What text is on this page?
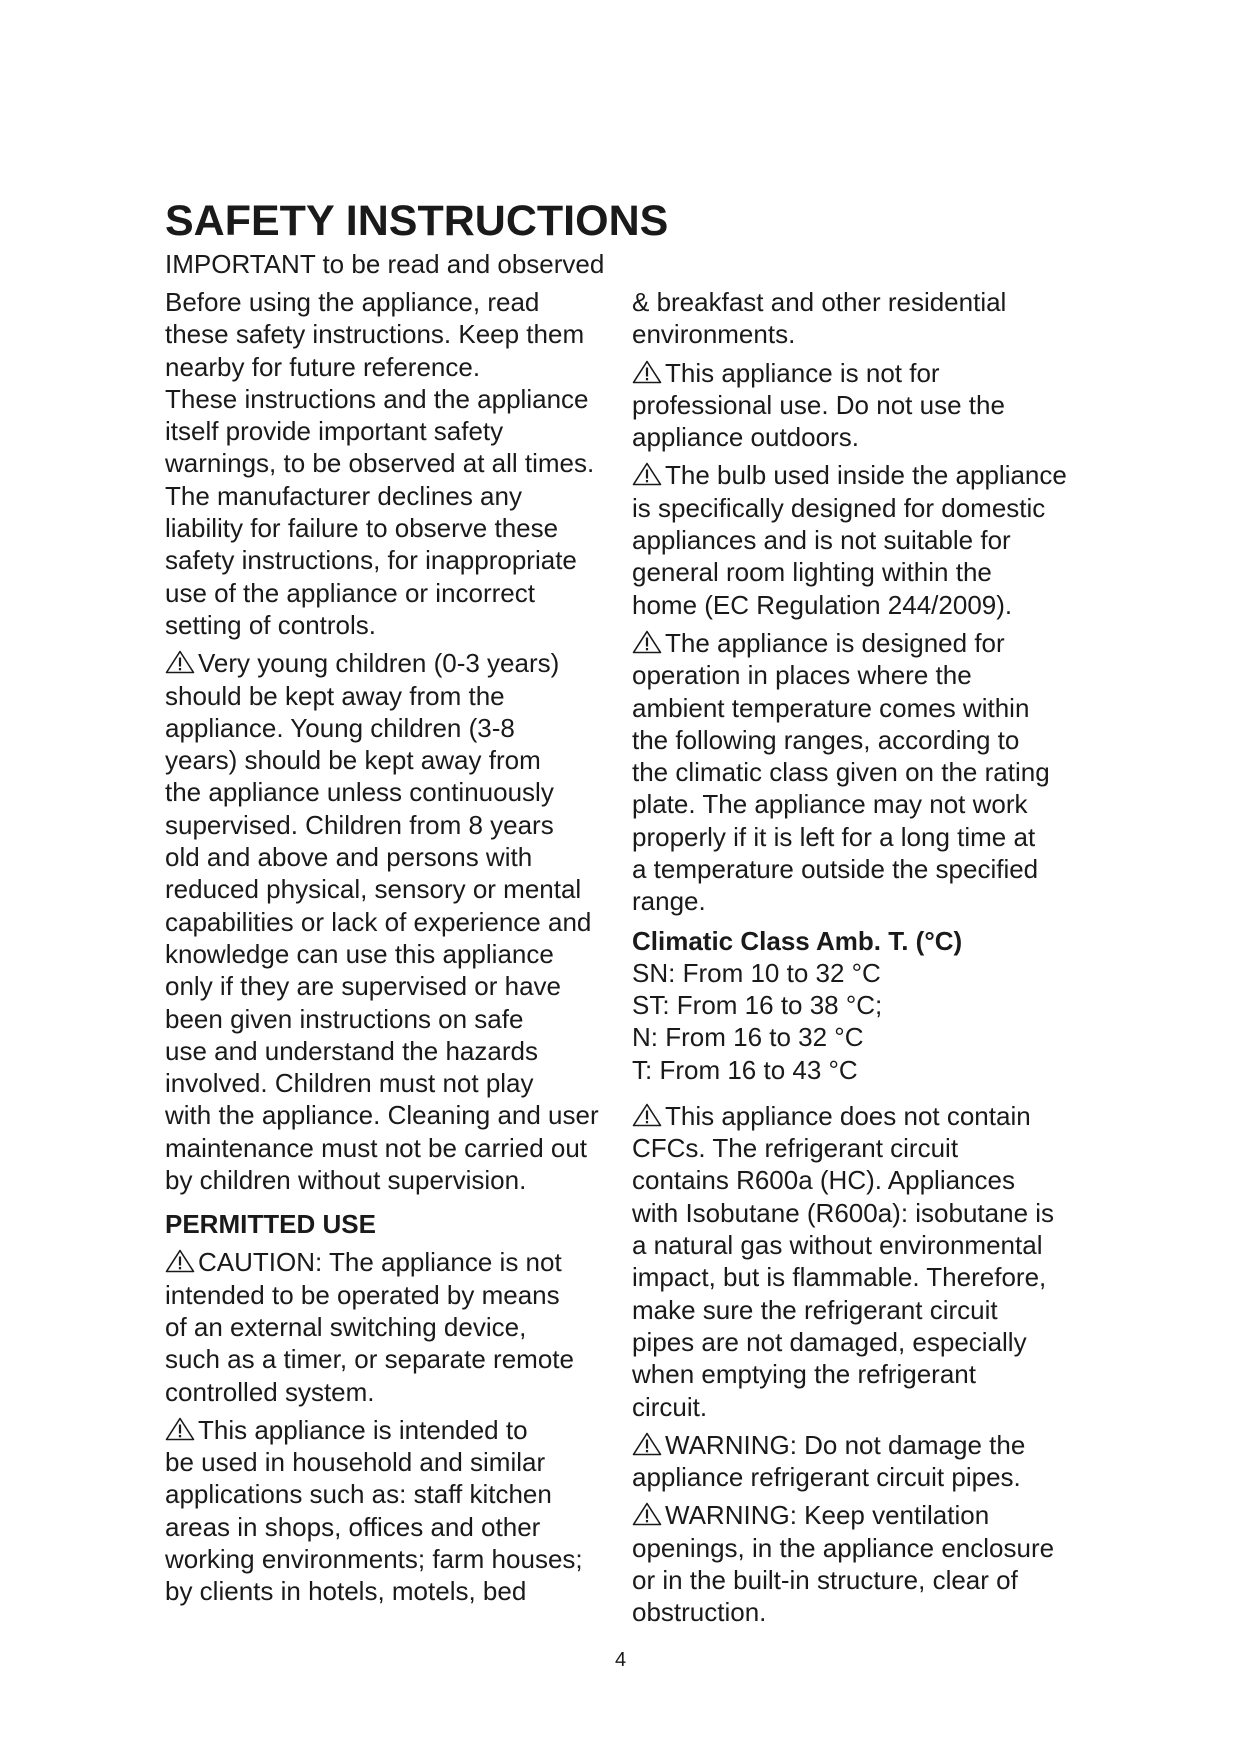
SAFETY INSTRUCTIONS

IMPORTANT to be read and observed

Before using the appliance, read
these safety instructions. Keep them
nearby for future reference.

These instructions and the appliance
itself provide important safety
warnings, to be observed at all times.
The manufacturer declines any
liability for failure to observe these
safety instructions, for inappropriate
use of the appliance or incorrect
setting of controls.

Very young children (0-3 years)
should be kept away from the
appliance. Young children (3-8
years) should be kept away from
the appliance unless continuously
supervised. Children from 8 years
old and above and persons with
reduced physical, sensory or mental
capabilities or lack of experience and
knowledge can use this appliance
only if they are supervised or have
been given instructions on safe
use and understand the hazards
involved. Children must not play
with the appliance. Cleaning and user
maintenance must not be carried out
by children without supervision.

PERMITTED USE

CAUTION: The appliance is not
intended to be operated by means
of an external switching device,
such as a timer, or separate remote
controlled system.

This appliance is intended to
be used in household and similar
applications such as: staff kitchen
areas in shops, offices and other
working environments; farm houses;
by clients in hotels, motels, bed

& breakfast and other residential
environments.

This appliance is not for
professional use. Do not use the
appliance outdoors.

The bulb used inside the appliance
is specifically designed for domestic
appliances and is not suitable for
general room lighting within the
home (EC Regulation 244/2009).

The appliance is designed for
operation in places where the
ambient temperature comes within
the following ranges, according to
the climatic class given on the rating
plate. The appliance may not work
properly if it is left for a long time at
a temperature outside the specified
range.

Climatic Class Amb. T. (°C)
SN: From 10 to 32 °C
ST: From 16 to 38 °C;
N: From 16 to 32 °C
T: From 16 to 43 °C

This appliance does not contain
CFCs. The refrigerant circuit
contains R600a (HC). Appliances
with Isobutane (R600a): isobutane is
a natural gas without environmental
impact, but is flammable. Therefore,
make sure the refrigerant circuit
pipes are not damaged, especially
when emptying the refrigerant
circuit.

WARNING: Do not damage the
appliance refrigerant circuit pipes.

WARNING: Keep ventilation
openings, in the appliance enclosure
or in the built-in structure, clear of
obstruction.

4
